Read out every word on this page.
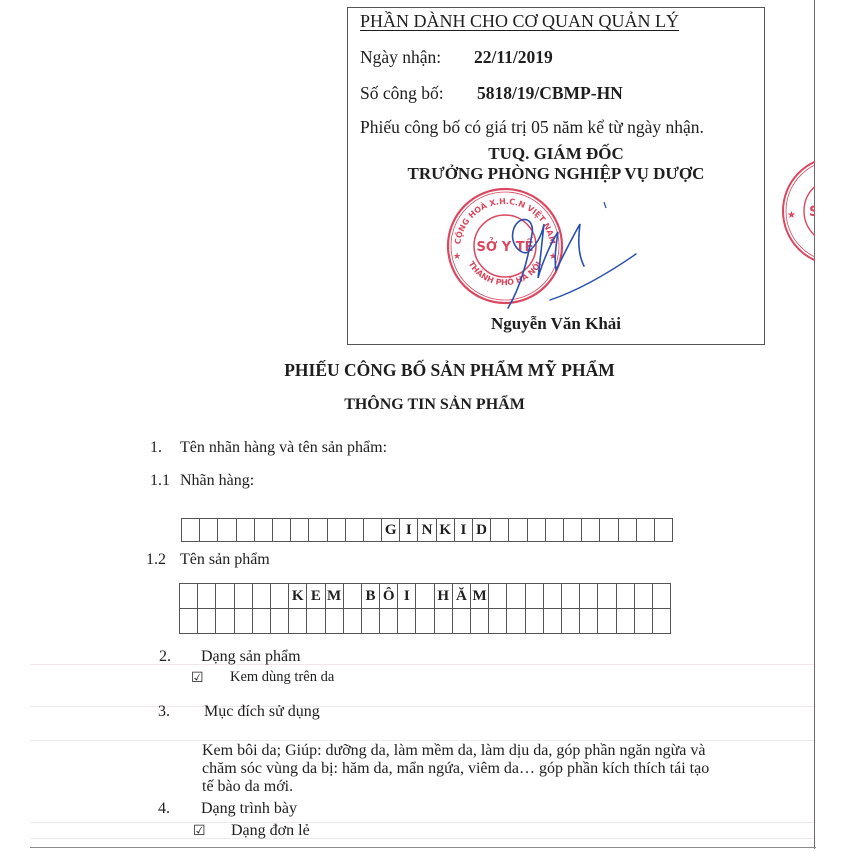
PHẦN DÀNH CHO CƠ QUAN QUẢN LÝ
Ngày nhận: 22/11/2019
Số công bố: 5818/19/CBMP-HN
Phiếu công bố có giá trị 05 năm kể từ ngày nhận.
TUQ. GIÁM ĐỐC
TRƯỞNG PHÒNG NGHIỆP VỤ DƯỢC
CỘNG HOÀ X.H.C.N VIỆT NAM
THÀNH PHỐ HÀ NỘI
SỞ Y TẾ
★	★
Nguyễn Văn Khải
★ S
PHIẾU CÔNG BỐ SẢN PHẨM MỸ PHẨM
THÔNG TIN SẢN PHẨM
1. Tên nhãn hàng và tên sản phẩm:
1.1 Nhãn hàng:
											G	I	N	K	I	D										
1.2 Tên sản phẩm
						K	E	M		B	Ô	I		H	Ă	M										

2. Dạng sản phẩm
☑ Kem dùng trên da
3. Mục đích sử dụng
Kem bôi da; Giúp: dưỡng da, làm mềm da, làm dịu da, góp phần ngăn ngừa và
chăm sóc vùng da bị: hăm da, mẩn ngứa, viêm da… góp phần kích thích tái tạo
tế bào da mới.
4. Dạng trình bày
☑ Dạng đơn lẻ
